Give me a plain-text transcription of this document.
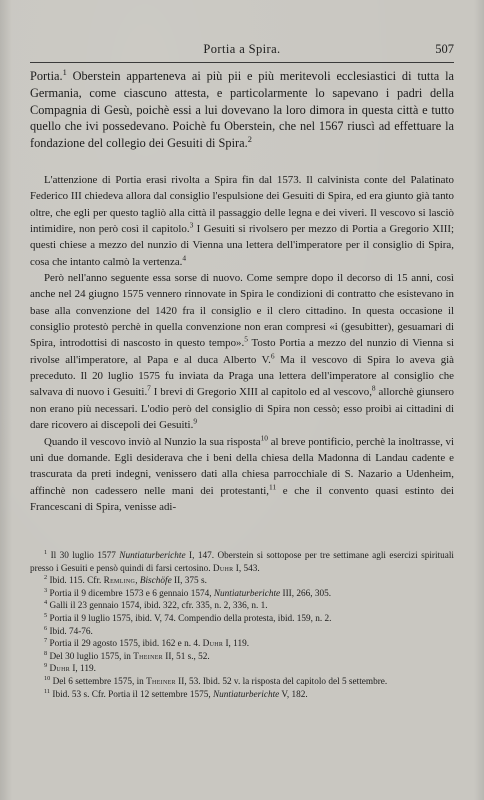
Portia a Spira.	507
Portia.$^1$ Oberstein apparteneva ai più pii e più meritevoli ecclesiastici di tutta la Germania, come ciascuno attesta, e particolarmente lo sapevano i padri della Compagnia di Gesù, poichè essi a lui dovevano la loro dimora in questa città e tutto quello che ivi possedevano. Poichè fu Oberstein, che nel 1567 riuscì ad effettuare la fondazione del collegio dei Gesuiti di Spira.$^2$

L'attenzione di Portia erasi rivolta a Spira fin dal 1573. Il calvinista conte del Palatinato Federico III chiedeva allora dal consiglio l'espulsione dei Gesuiti di Spira, ed era giunto già tanto oltre, che egli per questo tagliò alla città il passaggio delle legna e dei viveri. Il vescovo si lasciò intimidire, non però così il capitolo.$^3$ I Gesuiti si rivolsero per mezzo di Portia a Gregorio XIII; questi chiese a mezzo del nunzio di Vienna una lettera dell'imperatore per il consiglio di Spira, cosa che intanto calmò la vertenza.$^4$

Però nell'anno seguente essa sorse di nuovo. Come sempre dopo il decorso di 15 anni, così anche nel 24 giugno 1575 vennero rinnovate in Spira le condizioni di contratto che esistevano in base alla convenzione del 1420 fra il consiglio e il clero cittadino. In questa occasione il consiglio protestò perchè in quella convenzione non eran compresi «i (gesubitter), gesuamari di Spira, introdottisi di nascosto in questo tempo».$^5$ Tosto Portia a mezzo del nunzio di Vienna si rivolse all'imperatore, al Papa e al duca Alberto V.$^6$ Ma il vescovo di Spira lo aveva già preceduto. Il 20 luglio 1575 fu inviata da Praga una lettera dell'imperatore al consiglio che salvava di nuovo i Gesuiti.$^7$ I brevi di Gregorio XIII al capitolo ed al vescovo,$^8$ allorchè giunsero non erano più necessari. L'odio però del consiglio di Spira non cessò; esso proibì ai cittadini di dare ricovero ai discepoli dei Gesuiti.$^9$

Quando il vescovo inviò al Nunzio la sua risposta$^{10}$ al breve pontificio, perchè la inoltrasse, vi unì due domande. Egli desiderava che i beni della chiesa della Madonna di Landau cadente e trascurata da preti indegni, venissero dati alla chiesa parrocchiale di S. Nazario a Udenheim, affinchè non cadessero nelle mani dei protestanti,$^{11}$ e che il convento quasi estinto dei Francescani di Spira, venisse adi-

$^1$ Il 30 luglio 1577 Nuntiaturberichte I, 147. Oberstein si sottopose per tre settimane agli esercizi spirituali presso i Gesuiti e pensò quindi di farsi certosino. Duhr I, 543.

$^2$ Ibid. 115. Cfr. Remling, Bischöfe II, 375 s.

$^3$ Portia il 9 dicembre 1573 e 6 gennaio 1574, Nuntiaturberichte III, 266, 305.

$^4$ Galli il 23 gennaio 1574, ibid. 322, cfr. 335, n. 2, 336, n. 1.

$^5$ Portia il 9 luglio 1575, ibid. V, 74. Compendio della protesta, ibid. 159, n. 2.

$^6$ Ibid. 74-76.

$^7$ Portia il 29 agosto 1575, ibid. 162 e n. 4. Duhr I, 119.

$^8$ Del 30 luglio 1575, in Theiner II, 51 s., 52.

$^9$ Duhr I, 119.

$^{10}$ Del 6 settembre 1575, in Theiner II, 53. Ibid. 52 v. la risposta del capitolo del 5 settembre.

$^{11}$ Ibid. 53 s. Cfr. Portia il 12 settembre 1575, Nuntiaturberichte V, 182.
